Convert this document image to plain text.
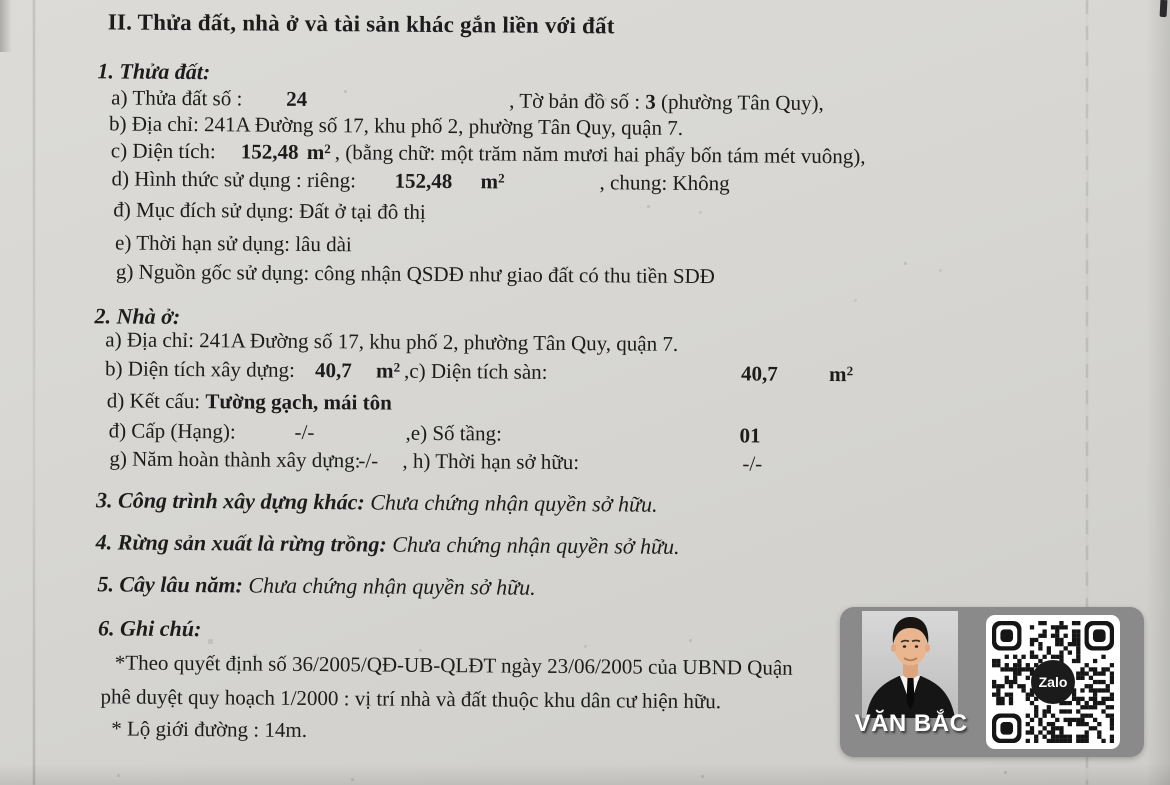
II. Thửa đất, nhà ở và tài sản khác gắn liền với đất
1. Thửa đất:
a) Thửa đất số : 24	, Tờ bản đồ số : 3 (phường Tân Quy),
b) Địa chỉ: 241A Đường số 17, khu phố 2, phường Tân Quy, quận 7.
c) Diện tích: 152,48 $m^2$ , (bằng chữ: một trăm năm mươi hai phẩy bốn tám mét vuông),
d) Hình thức sử dụng : riêng: 152,48 $m^2$	, chung: Không
đ) Mục đích sử dụng: Đất ở tại đô thị
e) Thời hạn sử dụng: lâu dài
g) Nguồn gốc sử dụng: công nhận QSDĐ như giao đất có thu tiền SDĐ
2. Nhà ở:
a) Địa chỉ: 241A Đường số 17, khu phố 2, phường Tân Quy, quận 7.
b) Diện tích xây dựng: 40,7 $m^2$ ,c) Diện tích sàn:	40,7 $m^2$
d) Kết cấu: Tường gạch, mái tôn
đ) Cấp (Hạng):	-/-	,e) Số tầng:	01
g) Năm hoàn thành xây dựng:
-/- , h) Thời hạn sở hữu:	-/-
3. Công trình xây dựng khác: Chưa chứng nhận quyền sở hữu.
4. Rừng sản xuất là rừng trồng: Chưa chứng nhận quyền sở hữu.
5. Cây lâu năm: Chưa chứng nhận quyền sở hữu.
6. Ghi chú:
*Theo quyết định số 36/2005/QĐ-UB-QLĐT ngày 23/06/2005 của UBND Quận
phê duyệt quy hoạch 1/2000 : vị trí nhà và đất thuộc khu dân cư hiện hữu.
* Lộ giới đường : 14m.	VĂN BẮC
Zalo
